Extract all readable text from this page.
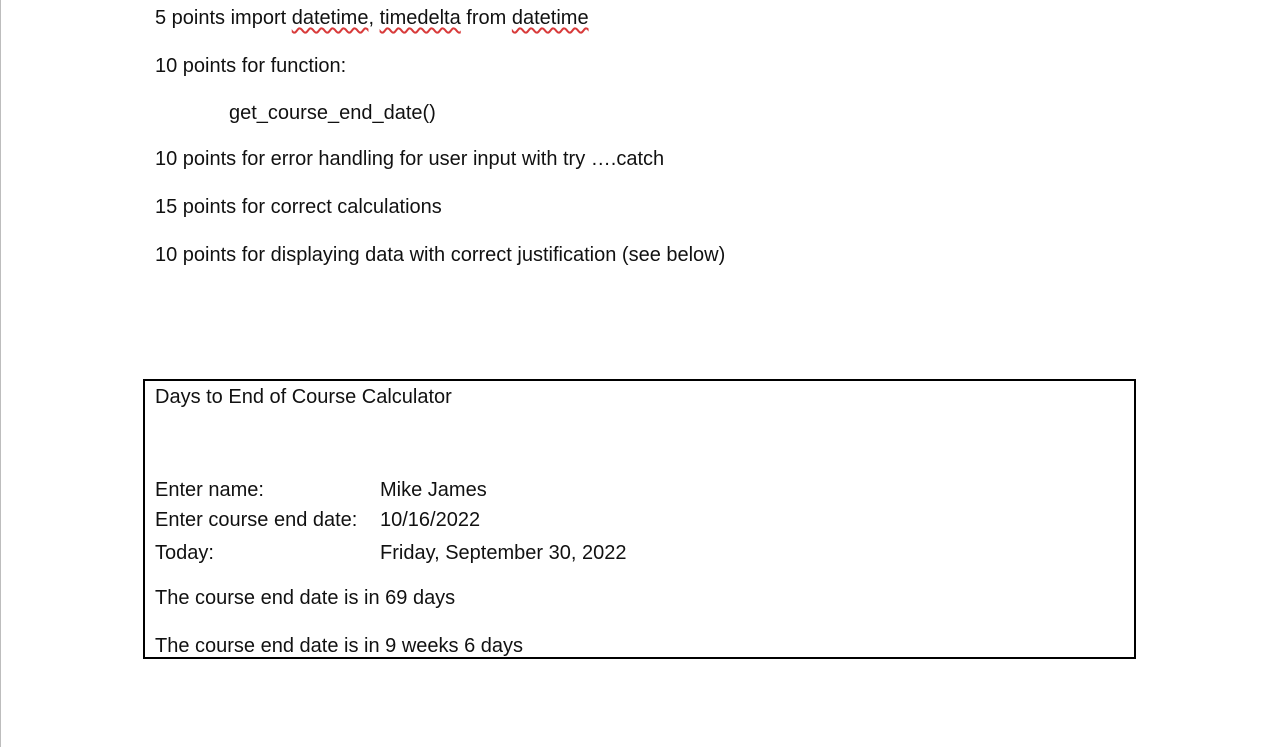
5 points import datetime, timedelta from datetime
10 points for function:
get_course_end_date()
10 points for error handling for user input with try ….catch
15 points for correct calculations
10 points for displaying data with correct justification (see below)
Days to End of Course Calculator
Enter name:	Mike James
Enter course end date: 10/16/2022
Today:	Friday, September 30, 2022
The course end date is in 69 days
The course end date is in 9 weeks 6 days
